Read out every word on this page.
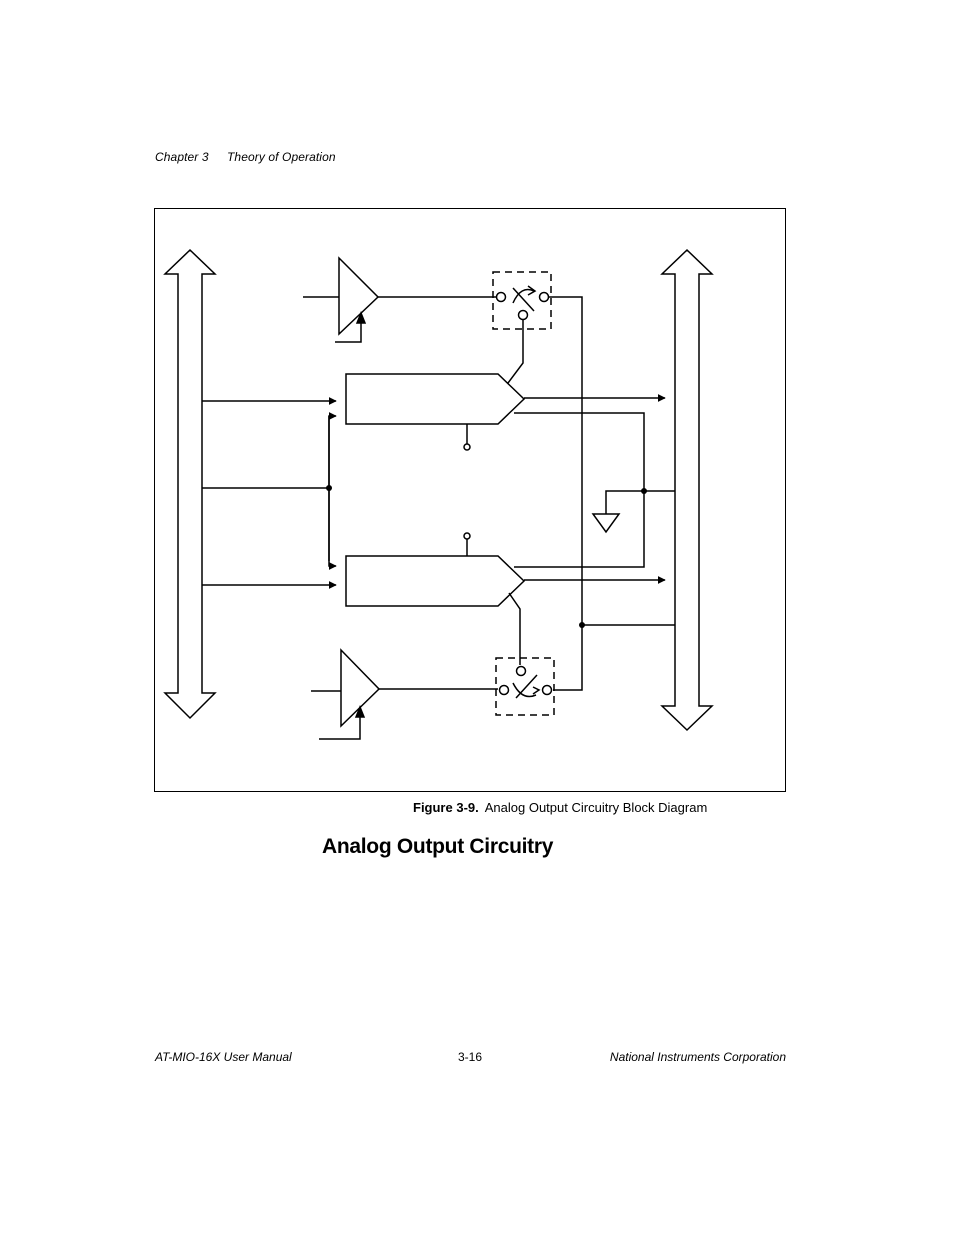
Chapter 3 Theory of Operation
Figure 3-9. Analog Output Circuitry Block Diagram
Analog Output Circuitry
AT-MIO-16X User Manual	3-16	National Instruments Corporation
